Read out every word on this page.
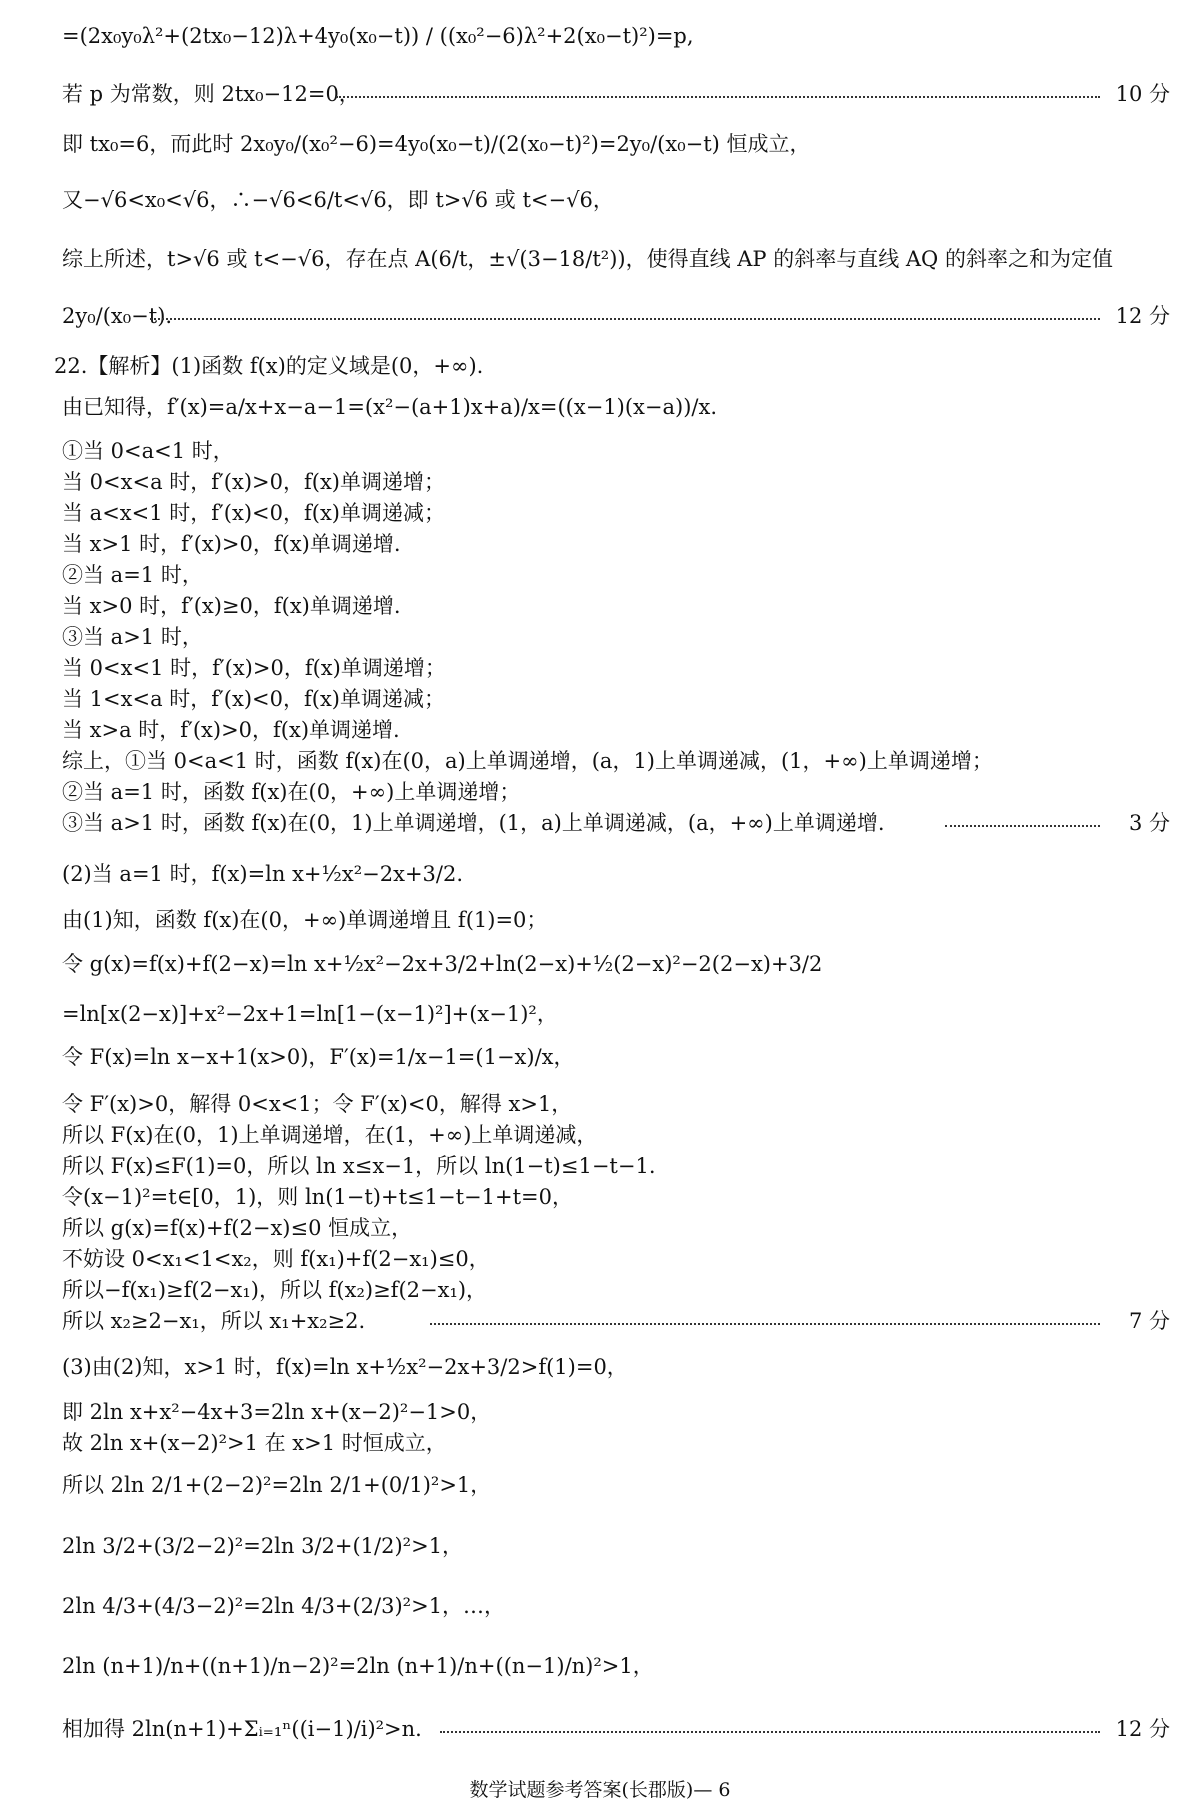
=(2x₀y₀λ²+(2tx₀−12)λ+4y₀(x₀−t)) / ((x₀²−6)λ²+2(x₀−t)²)=p,
若 p 为常数，则 2tx₀−12=0，	10 分
即 tx₀=6，而此时 2x₀y₀/(x₀²−6)=4y₀(x₀−t)/(2(x₀−t)²)=2y₀/(x₀−t) 恒成立，
又−√6<x₀<√6，∴−√6<6/t<√6，即 t>√6 或 t<−√6，
综上所述，t>√6 或 t<−√6，存在点 A(6/t，±√(3−18/t²))，使得直线 AP 的斜率与直线 AQ 的斜率之和为定值
2y₀/(x₀−t).	12 分
22.【解析】(1)函数 f(x)的定义域是(0，+∞).
由已知得，f′(x)=a/x+x−a−1=(x²−(a+1)x+a)/x=((x−1)(x−a))/x.
①当 0<a<1 时，
当 0<x<a 时，f′(x)>0，f(x)单调递增；
当 a<x<1 时，f′(x)<0，f(x)单调递减；
当 x>1 时，f′(x)>0，f(x)单调递增.
②当 a=1 时，
当 x>0 时，f′(x)≥0，f(x)单调递增.
③当 a>1 时，
当 0<x<1 时，f′(x)>0，f(x)单调递增；
当 1<x<a 时，f′(x)<0，f(x)单调递减；
当 x>a 时，f′(x)>0，f(x)单调递增.
综上，①当 0<a<1 时，函数 f(x)在(0，a)上单调递增，(a，1)上单调递减，(1，+∞)上单调递增；
②当 a=1 时，函数 f(x)在(0，+∞)上单调递增；
③当 a>1 时，函数 f(x)在(0，1)上单调递增，(1，a)上单调递减，(a，+∞)上单调递增.	3 分
(2)当 a=1 时，f(x)=ln x+½x²−2x+3/2.
由(1)知，函数 f(x)在(0，+∞)单调递增且 f(1)=0；
令 g(x)=f(x)+f(2−x)=ln x+½x²−2x+3/2+ln(2−x)+½(2−x)²−2(2−x)+3/2
=ln[x(2−x)]+x²−2x+1=ln[1−(x−1)²]+(x−1)²，
令 F(x)=ln x−x+1(x>0)，F′(x)=1/x−1=(1−x)/x，
令 F′(x)>0，解得 0<x<1；令 F′(x)<0，解得 x>1，
所以 F(x)在(0，1)上单调递增，在(1，+∞)上单调递减，
所以 F(x)≤F(1)=0，所以 ln x≤x−1，所以 ln(1−t)≤1−t−1.
令(x−1)²=t∈[0，1)，则 ln(1−t)+t≤1−t−1+t=0，
所以 g(x)=f(x)+f(2−x)≤0 恒成立，
不妨设 0<x₁<1<x₂，则 f(x₁)+f(2−x₁)≤0，
所以−f(x₁)≥f(2−x₁)，所以 f(x₂)≥f(2−x₁)，
所以 x₂≥2−x₁，所以 x₁+x₂≥2.	7 分
(3)由(2)知，x>1 时，f(x)=ln x+½x²−2x+3/2>f(1)=0，
即 2ln x+x²−4x+3=2ln x+(x−2)²−1>0，
故 2ln x+(x−2)²>1 在 x>1 时恒成立，
所以 2ln 2/1+(2−2)²=2ln 2/1+(0/1)²>1，
2ln 3/2+(3/2−2)²=2ln 3/2+(1/2)²>1，
2ln 4/3+(4/3−2)²=2ln 4/3+(2/3)²>1，…，
2ln (n+1)/n+((n+1)/n−2)²=2ln (n+1)/n+((n−1)/n)²>1，
相加得 2ln(n+1)+Σᵢ₌₁ⁿ((i−1)/i)²>n.	12 分
数学试题参考答案(长郡版)— 6
